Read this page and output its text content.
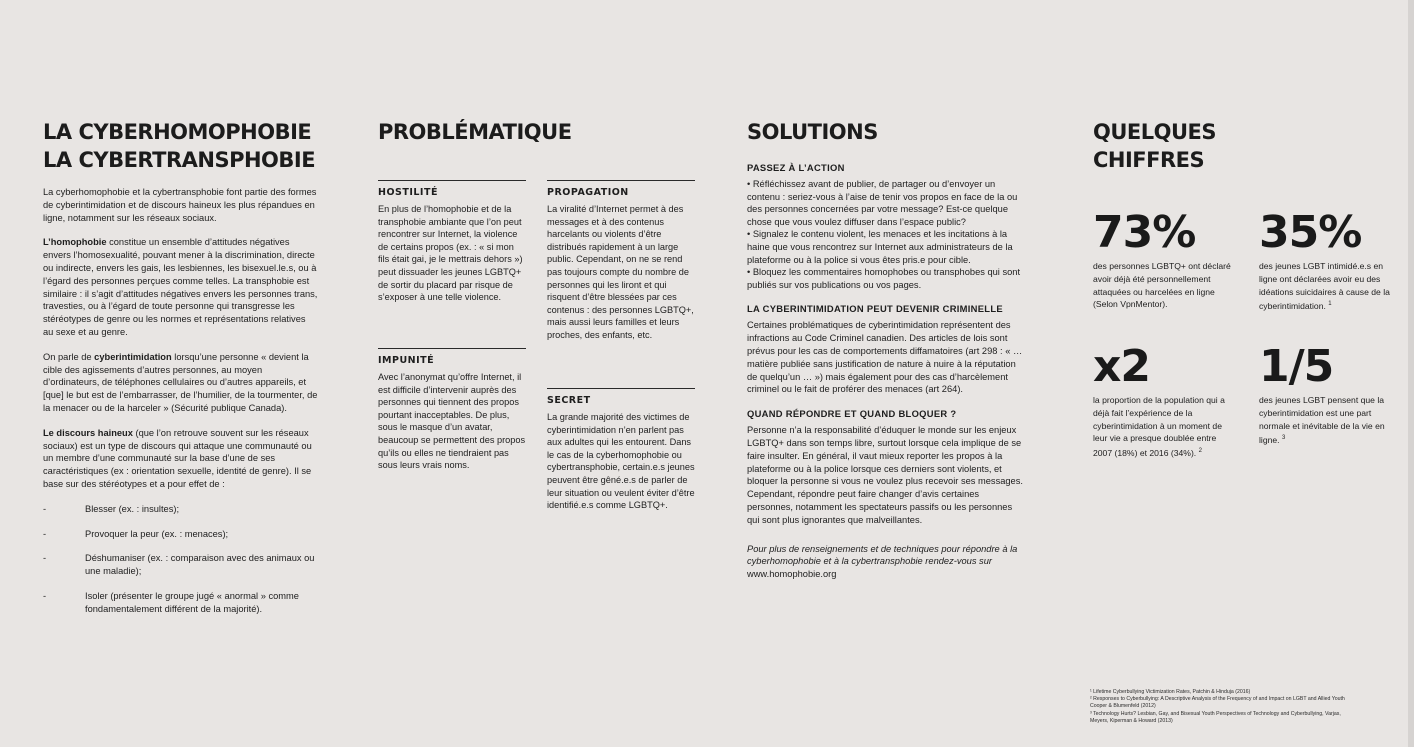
LA CYBERHOMOPHOBIE
LA CYBERTRANSPHOBIE

La cyberhomophobie et la cybertransphobie font partie des formes de cyberintimidation et de discours haineux les plus répandues en ligne, notamment sur les réseaux sociaux.

L’homophobie constitue un ensemble d’attitudes négatives envers l’homosexualité, pouvant mener à la discrimination, directe ou indirecte, envers les gais, les lesbiennes, les bisexuel.le.s, ou à l’égard des personnes perçues comme telles. La transphobie est similaire : il s’agit d’attitudes négatives envers les personnes trans, travesties, ou à l’égard de toute personne qui transgresse les stéréotypes de genre ou les normes et représentations relatives au sexe et au genre.

On parle de cyberintimidation lorsqu’une personne « devient la cible des agissements d’autres personnes, au moyen d’ordinateurs, de téléphones cellulaires ou d’autres appareils, et [que] le but est de l’embarrasser, de l’humilier, de la tourmenter, de la menacer ou de la harceler » (Sécurité publique Canada).

Le discours haineux (que l’on retrouve souvent sur les réseaux sociaux) est un type de discours qui attaque une communauté ou un membre d’une communauté sur la base d’une de ses caractéristiques (ex : orientation sexuelle, identité de genre). Il se base sur des stéréotypes et a pour effet de :

-	Blesser (ex. : insultes);
-	Provoquer la peur (ex. : menaces);
-	Déshumaniser (ex. : comparaison avec des animaux ou une maladie);
-	Isoler (présenter le groupe jugé « anormal » comme fondamentalement différent de la majorité).
PROBLÉMATIQUE
HOSTILITÉ

En plus de l’homophobie et de la transphobie ambiante que l’on peut rencontrer sur Internet, la violence de certains propos (ex. : « si mon fils était gai, je le mettrais dehors ») peut dissuader les jeunes LGBTQ+ de sortir du placard par risque de s’exposer à une telle violence.

PROPAGATION

La viralité d’Internet permet à des messages et à des contenus harcelants ou violents d’être distribués rapidement à un large public. Cependant, on ne se rend pas toujours compte du nombre de personnes qui les liront et qui risquent d’être blessées par ces contenus : des personnes LGBTQ+, mais aussi leurs familles et leurs proches, des enfants, etc.

IMPUNITÉ

Avec l’anonymat qu’offre Internet, il est difficile d’intervenir auprès des personnes qui tiennent des propos pourtant inacceptables. De plus, sous le masque d’un avatar, beaucoup se permettent des propos qu’ils ou elles ne tiendraient pas sous leurs vrais noms.

SECRET

La grande majorité des victimes de cyberintimidation n’en parlent pas aux adultes qui les entourent. Dans le cas de la cyberhomophobie ou cybertransphobie, certain.e.s jeunes peuvent être gêné.e.s de parler de leur situation ou veulent éviter d’être identifié.e.s comme LGBTQ+.

SOLUTIONS
PASSEZ À L’ACTION
• Réfléchissez avant de publier, de partager ou d’envoyer un contenu : seriez-vous à l’aise de tenir vos propos en face de la ou des personnes concernées par votre message? Est-ce quelque chose que vous voulez diffuser dans l’espace public?
• Signalez le contenu violent, les menaces et les incitations à la haine que vous rencontrez sur Internet aux administrateurs de la plateforme ou à la police si vous êtes pris.e pour cible.
• Bloquez les commentaires homophobes ou transphobes qui sont publiés sur vos publications ou vos pages.
LA CYBERINTIMIDATION PEUT DEVENIR CRIMINELLE

Certaines problématiques de cyberintimidation représentent des infractions au Code Criminel canadien. Des articles de lois sont prévus pour les cas de comportements diffamatoires (art 298 : « … matière publiée sans justification de nature à nuire à la réputation de quelqu’un … ») mais également pour des cas d’harcèlement criminel ou le fait de proférer des menaces (art 264).

QUAND RÉPONDRE ET QUAND BLOQUER ?

Personne n’a la responsabilité d’éduquer le monde sur les enjeux LGBTQ+ dans son temps libre, surtout lorsque cela implique de se faire insulter. En général, il vaut mieux reporter les propos à la plateforme ou à la police lorsque ces derniers sont violents, et bloquer la personne si vous ne voulez plus recevoir ses messages. Cependant, répondre peut faire changer d’avis certaines personnes, notamment les spectateurs passifs ou les personnes qui sont plus ignorantes que malveillantes.

Pour plus de renseignements et de techniques pour répondre à la cyberhomophobie et à la cybertransphobie rendez-vous sur
www.homophobie.org

QUELQUES
CHIFFRES
73%

des personnes LGBTQ+ ont déclaré avoir déjà été personnellement attaquées ou harcelées en ligne (Selon VpnMentor).

35%

des jeunes LGBT intimidé.e.s en ligne ont déclarées avoir eu des idéations suicidaires à cause de la cyberintimidation. $^1$

x2

la proportion de la population qui a déjà fait l’expérience de la cyberintimidation à un moment de leur vie a presque doublée entre 2007 (18%) et 2016 (34%). $^2$

1/5

des jeunes LGBT pensent que la cyberintimidation est une part normale et inévitable de la vie en ligne. $^3$

¹ Lifetime Cyberbullying Victimization Rates, Patchin & Hinduja (2016)
² Responses to Cyberbullying: A Descriptive Analysis of the Frequency of and Impact on LGBT and Allied Youth Cooper & Blumenfeld (2012)
³ Technology Hurts? Lesbian, Gay, and Bisexual Youth Perspectives of Technology and Cyberbullying, Varjas, Meyers, Kiperman & Howard (2013)
